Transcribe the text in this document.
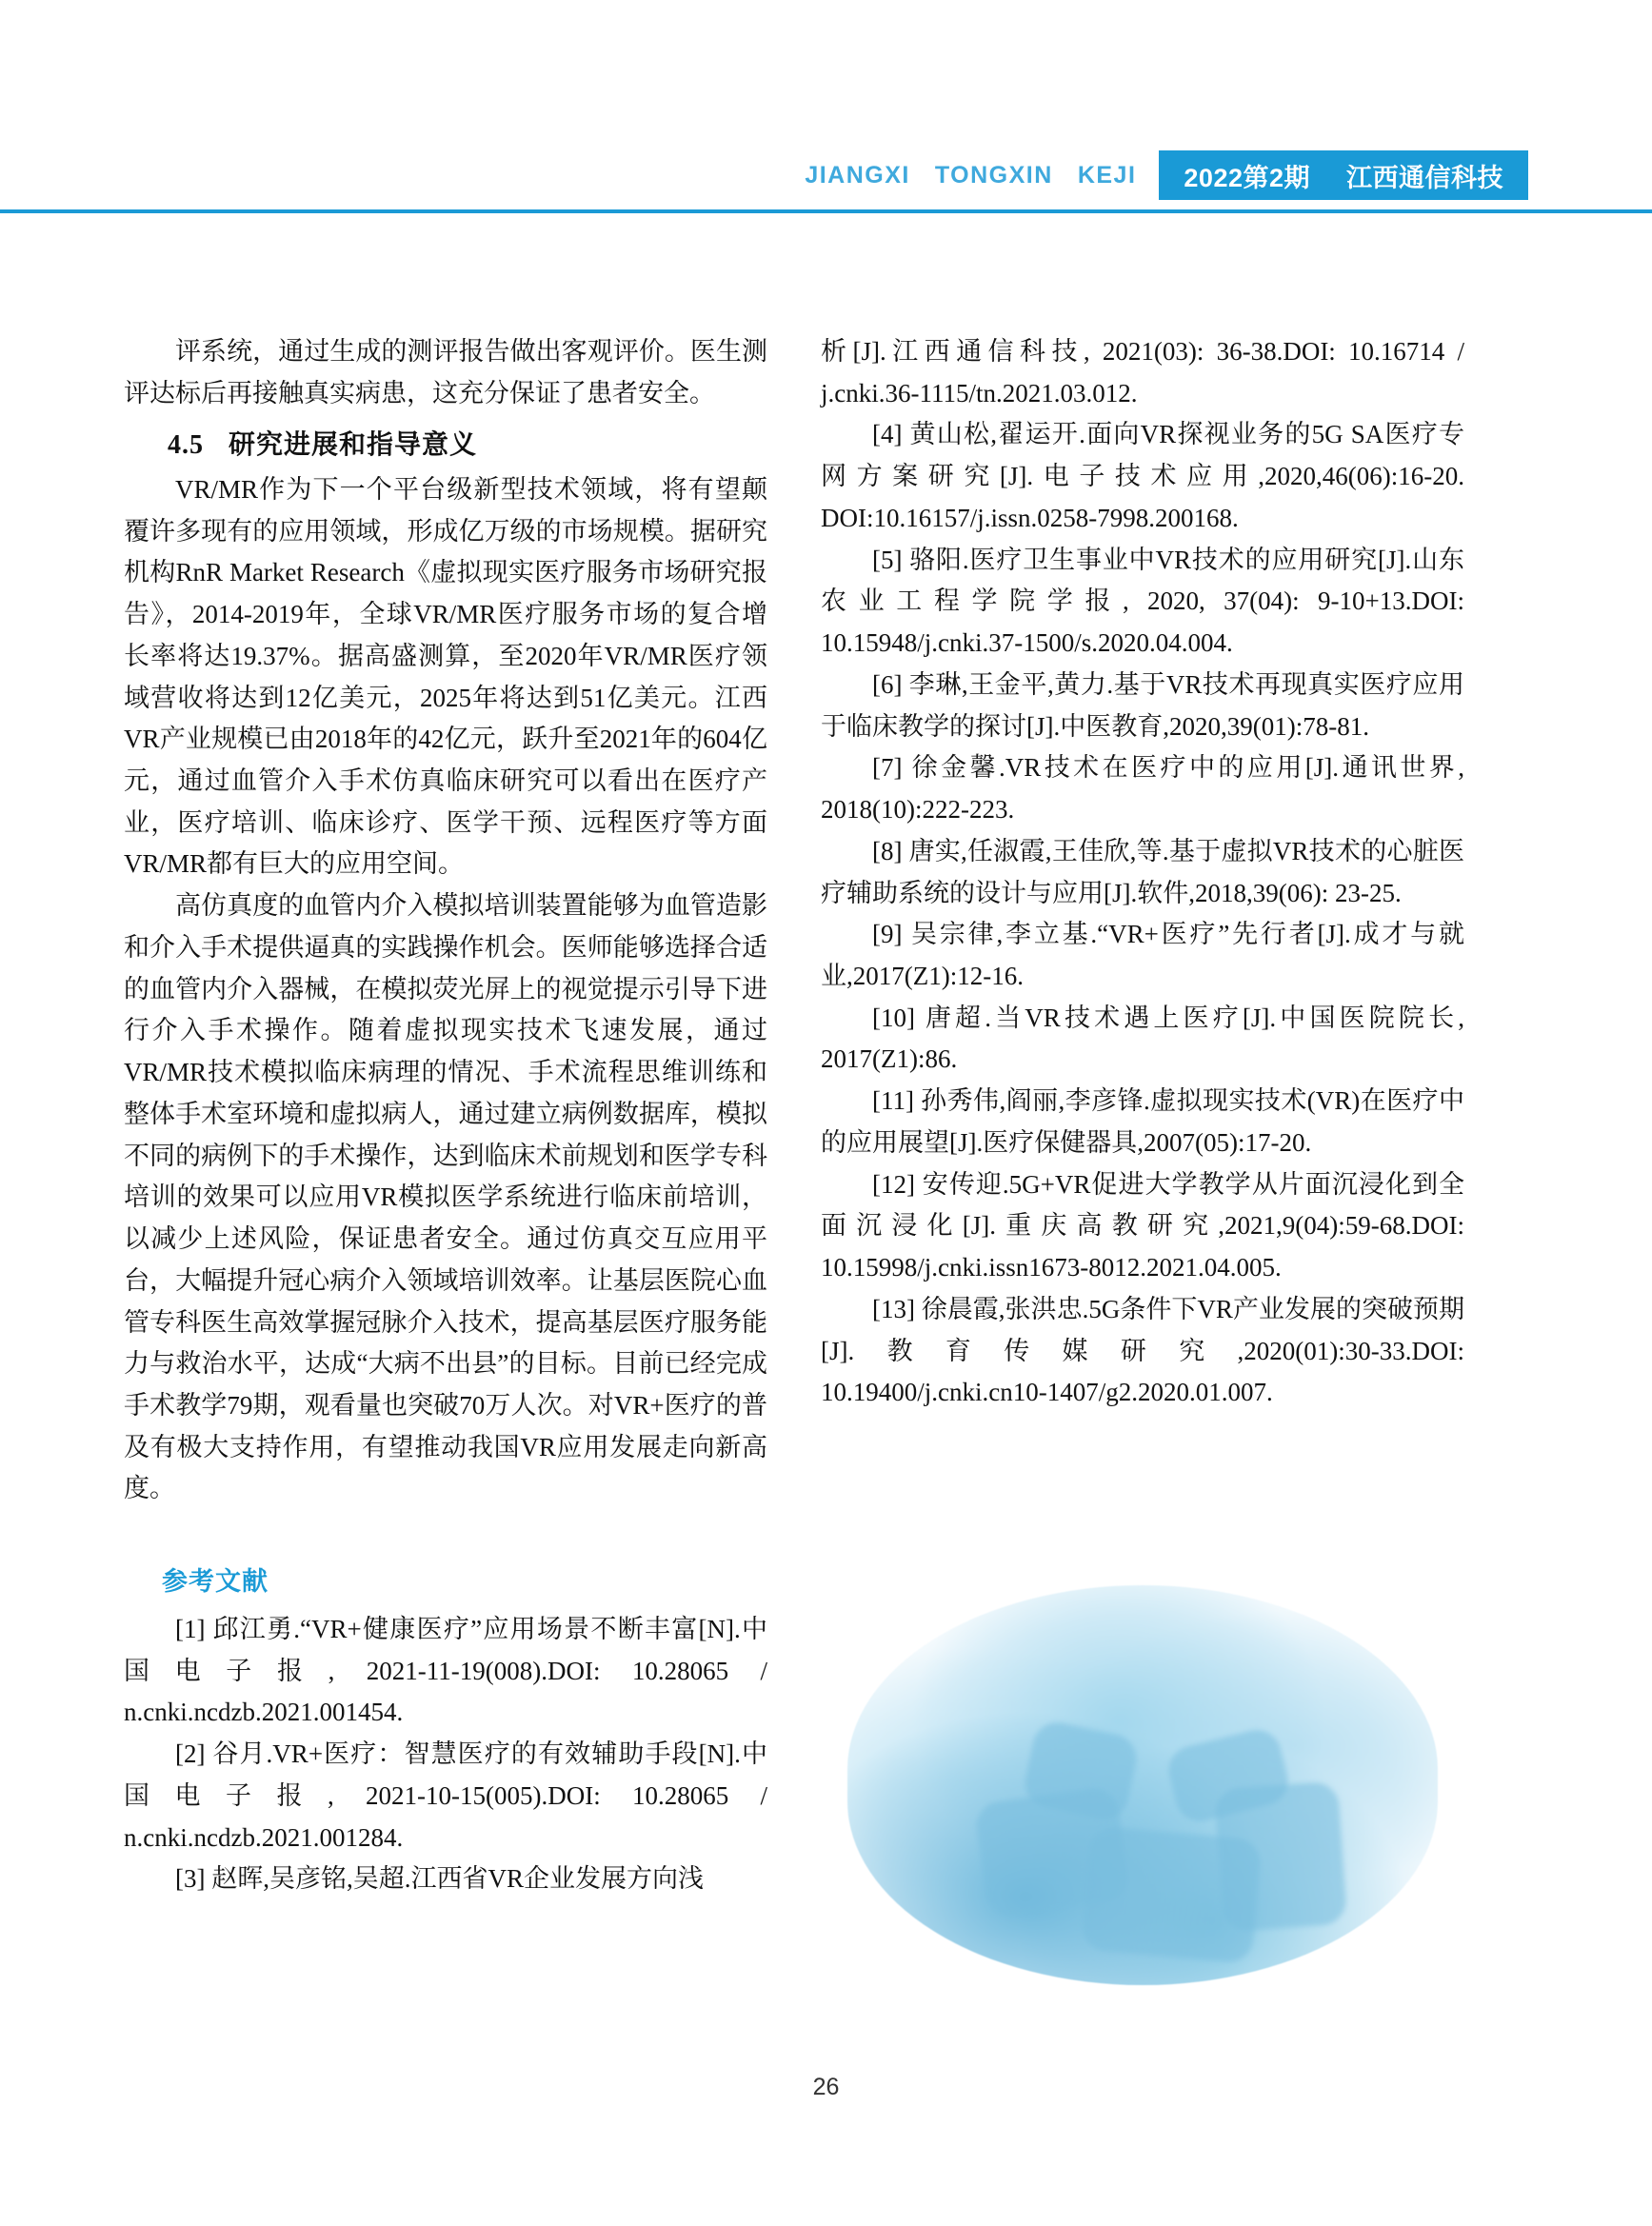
JIANGXI TONGXIN KEJI 2022第2期 江西通信科技

评系统，通过生成的测评报告做出客观评价。医生测评达标后再接触真实病患，这充分保证了患者安全。

4.5 研究进展和指导意义

VR/MR作为下一个平台级新型技术领域，将有望颠覆许多现有的应用领域，形成亿万级的市场规模。据研究机构RnR Market Research《虚拟现实医疗服务市场研究报告》，2014-2019年，全球VR/MR医疗服务市场的复合增长率将达19.37%。据高盛测算，至2020年VR/MR医疗领域营收将达到12亿美元，2025年将达到51亿美元。江西VR产业规模已由2018年的42亿元，跃升至2021年的604亿元，通过血管介入手术仿真临床研究可以看出在医疗产业，医疗培训、临床诊疗、医学干预、远程医疗等方面VR/MR都有巨大的应用空间。

高仿真度的血管内介入模拟培训装置能够为血管造影和介入手术提供逼真的实践操作机会。医师能够选择合适的血管内介入器械，在模拟荧光屏上的视觉提示引导下进行介入手术操作。随着虚拟现实技术飞速发展，通过VR/MR技术模拟临床病理的情况、手术流程思维训练和整体手术室环境和虚拟病人，通过建立病例数据库，模拟不同的病例下的手术操作，达到临床术前规划和医学专科培训的效果可以应用VR模拟医学系统进行临床前培训，以减少上述风险，保证患者安全。通过仿真交互应用平台，大幅提升冠心病介入领域培训效率。让基层医院心血管专科医生高效掌握冠脉介入技术，提高基层医疗服务能力与救治水平，达成“大病不出县”的目标。目前已经完成手术教学79期，观看量也突破70万人次。对VR+医疗的普及有极大支持作用，有望推动我国VR应用发展走向新高度。

参考文献

[1] 邱江勇.“VR+健康医疗”应用场景不断丰富[N].中国电子报, 2021-11-19(008).DOI: 10.28065 / n.cnki.ncdzb.2021.001454.

[2] 谷月.VR+医疗：智慧医疗的有效辅助手段[N].中国电子报, 2021-10-15(005).DOI: 10.28065 / n.cnki.ncdzb.2021.001284.

[3] 赵晖,吴彦铭,吴超.江西省VR企业发展方向浅

析[J].江西通信科技, 2021(03): 36-38.DOI: 10.16714 / j.cnki.36-1115/tn.2021.03.012.

[4] 黄山松,翟运开.面向VR探视业务的5G SA医疗专网方案研究[J].电子技术应用,2020,46(06):16-20. DOI:10.16157/j.issn.0258-7998.200168.

[5] 骆阳.医疗卫生事业中VR技术的应用研究[J].山东农业工程学院学报, 2020, 37(04): 9-10+13.DOI: 10.15948/j.cnki.37-1500/s.2020.04.004.

[6] 李琳,王金平,黄力.基于VR技术再现真实医疗应用于临床教学的探讨[J].中医教育,2020,39(01):78-81.

[7] 徐金馨.VR技术在医疗中的应用[J].通讯世界, 2018(10):222-223.

[8] 唐实,任淑霞,王佳欣,等.基于虚拟VR技术的心脏医疗辅助系统的设计与应用[J].软件,2018,39(06): 23-25.

[9] 吴宗律,李立基.“VR+医疗”先行者[J].成才与就业,2017(Z1):12-16.

[10] 唐超.当VR技术遇上医疗[J].中国医院院长, 2017(Z1):86.

[11] 孙秀伟,阎丽,李彦锋.虚拟现实技术(VR)在医疗中的应用展望[J].医疗保健器具,2007(05):17-20.

[12] 安传迎.5G+VR促进大学教学从片面沉浸化到全面沉浸化[J].重庆高教研究,2021,9(04):59-68.DOI: 10.15998/j.cnki.issn1673-8012.2021.04.005.

[13] 徐晨霞,张洪忠.5G条件下VR产业发展的突破预期[J].教育传媒研究,2020(01):30-33.DOI: 10.19400/j.cnki.cn10-1407/g2.2020.01.007.

26
